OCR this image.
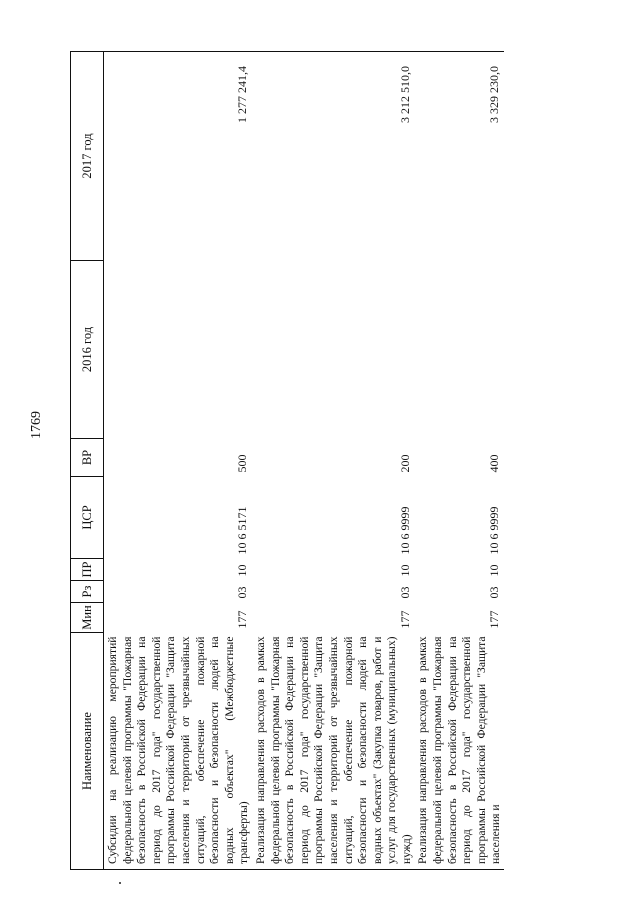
1769
Наименование	Мин	Рз	ПР	ЦСР	ВР	2016 год	2017 год
Субсидии на реализацию мероприятий федеральной целевой программы "Пожарная безопасность в Российской Федерации на период до 2017 года" государственной программы Российской Федерации "Защита населения и территорий от чрезвычайных ситуаций, обеспечение пожарной безопасности и безопасности людей на водных объектах" (Межбюджетные трансферты)	177	03	10	10 6 5171	500		1 277 241,4
Реализация направления расходов в рамках федеральной целевой программы "Пожарная безопасность в Российской Федерации на период до 2017 года" государственной программы Российской Федерации "Защита населения и территорий от чрезвычайных ситуаций, обеспечение пожарной безопасности и безопасности людей на водных объектах" (Закупка товаров, работ и услуг для государственных (муниципальных) нужд)	177	03	10	10 6 9999	200		3 212 510,0
Реализация направления расходов в рамках федеральной целевой программы "Пожарная безопасность в Российской Федерации на период до 2017 года" государственной программы Российской Федерации "Защита населения и	177	03	10	10 6 9999	400		3 329 230,0
